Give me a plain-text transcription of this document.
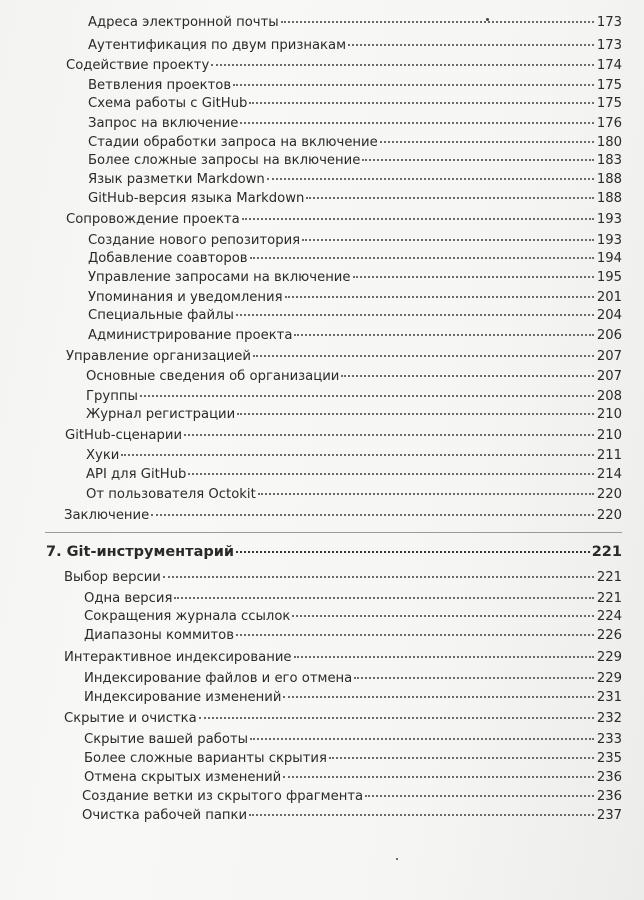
Адреса электронной почты	173
Аутентификация по двум признакам	173
Содействие проекту	174
Ветвления проектов	175
Схема работы с GitHub	175
Запрос на включение	176
Стадии обработки запроса на включение	180
Более сложные запросы на включение	183
Язык разметки Markdown	188
GitHub-версия языка Markdown	188
Сопровождение проекта	193
Создание нового репозитория	193
Добавление соавторов	194
Управление запросами на включение	195
Упоминания и уведомления	201
Специальные файлы	204
Администрирование проекта	206
Управление организацией	207
Основные сведения об организации	207
Группы	208
Журнал регистрации	210
GitHub-сценарии	210
Хуки	211
API для GitHub	214
От пользователя Octokit	220
Заключение	220
7. Git-инструментарий	221
Выбор версии	221
Одна версия	221
Сокращения журнала ссылок	224
Диапазоны коммитов	226
Интерактивное индексирование	229
Индексирование файлов и его отмена	229
Индексирование изменений	231
Скрытие и очистка	232
Скрытие вашей работы	233
Более сложные варианты скрытия	235
Отмена скрытых изменений	236
Создание ветки из скрытого фрагмента	236
Очистка рабочей папки	237
